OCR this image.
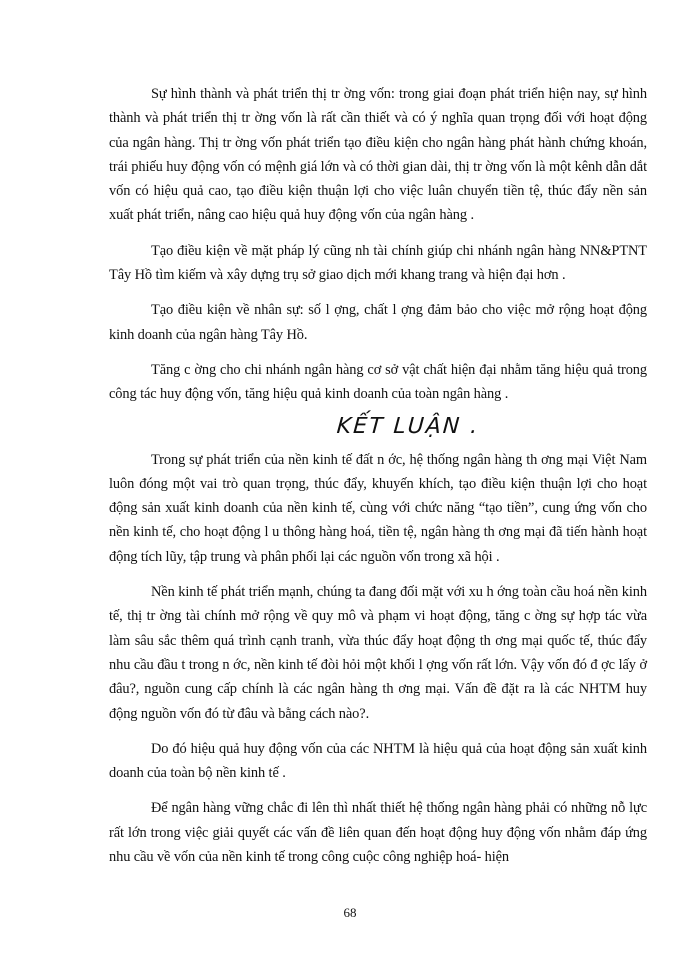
Sự hình thành và phát triển thị tr ờng vốn: trong giai đoạn phát triển hiện nay, sự hình thành và phát triển thị tr ờng vốn là rất cần thiết và có ý nghĩa quan trọng đối với hoạt động của ngân hàng. Thị tr ờng vốn phát triển tạo điều kiện cho ngân hàng phát hành chứng khoán, trái phiếu huy động vốn có mệnh giá lớn và có thời gian dài, thị tr ờng vốn là một kênh dẫn dắt vốn có hiệu quả cao, tạo điều kiện thuận lợi cho việc luân chuyển tiền tệ, thúc đẩy nền sản xuất phát triển, nâng cao hiệu quả huy động vốn của ngân hàng .

Tạo điều kiện về mặt pháp lý cũng nh tài chính giúp chi nhánh ngân hàng NN&PTNT Tây Hồ tìm kiếm và xây dựng trụ sở giao dịch mới khang trang và hiện đại hơn .

Tạo điều kiện về nhân sự: số l ợng, chất l ợng đảm bảo cho việc mở rộng hoạt động kinh doanh của ngân hàng Tây Hồ.

Tăng c ờng cho chi nhánh ngân hàng cơ sở vật chất hiện đại nhằm tăng hiệu quả trong công tác huy động vốn, tăng hiệu quả kinh doanh của toàn ngân hàng .

KẾT LUẬN .

Trong sự phát triển của nền kinh tế đất n ớc, hệ thống ngân hàng th ơng mại Việt Nam luôn đóng một vai trò quan trọng, thúc đẩy, khuyến khích, tạo điều kiện thuận lợi cho hoạt động sản xuất kinh doanh của nền kinh tế, cùng với chức năng “tạo tiền”, cung ứng vốn cho nền kinh tế, cho hoạt động l u thông hàng hoá, tiền tệ, ngân hàng th ơng mại đã tiến hành hoạt động tích lũy, tập trung và phân phối lại các nguồn vốn trong xã hội .

Nền kinh tế phát triển mạnh, chúng ta đang đối mặt với xu h ớng toàn cầu hoá nền kinh tế, thị tr ờng tài chính mở rộng về quy mô và phạm vi hoạt động, tăng c ờng sự hợp tác vừa làm sâu sắc thêm quá trình cạnh tranh, vừa thúc đẩy hoạt động th ơng mại quốc tế, thúc đẩy nhu cầu đầu t trong n ớc, nền kinh tế đòi hỏi một khối l ợng vốn rất lớn. Vậy vốn đó đ ợc lấy ở đâu?, nguồn cung cấp chính là các ngân hàng th ơng mại. Vấn đề đặt ra là các NHTM huy động nguồn vốn đó từ đâu và bằng cách nào?.

Do đó hiệu quả huy động vốn của các NHTM là hiệu quả của hoạt động sản xuất kinh doanh của toàn bộ nền kinh tế .

Để ngân hàng vững chắc đi lên thì nhất thiết hệ thống ngân hàng phải có những nỗ lực rất lớn trong việc giải quyết các vấn đề liên quan đến hoạt động huy động vốn nhằm đáp ứng nhu cầu về vốn của nền kinh tế trong công cuộc công nghiệp hoá- hiện

68
